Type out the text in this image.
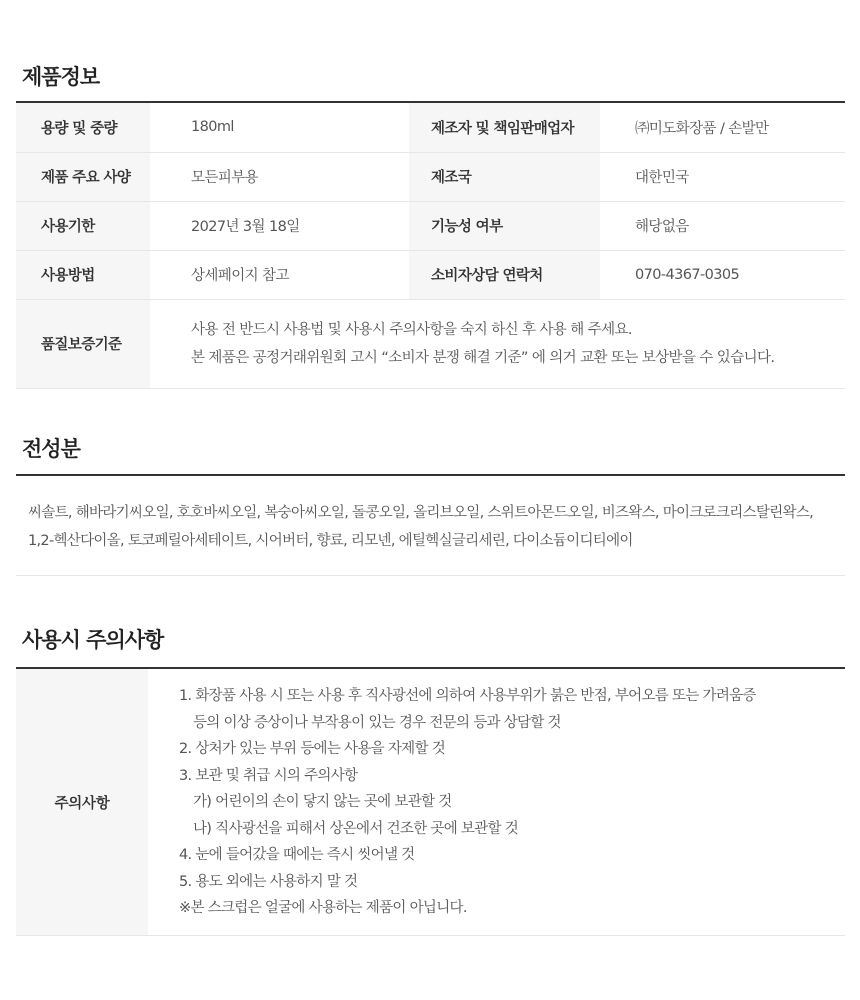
제품정보
용량 및 중량	180ml	제조자 및 책임판매업자	㈜미도화장품 / 손발만
제품 주요 사양	모든피부용	제조국	대한민국
사용기한	2027년 3월 18일	기능성 여부	해당없음
사용방법	상세페이지 참고	소비자상담 연락처	070-4367-0305
품질보증기준	사용 전 반드시 사용법 및 사용시 주의사항을 숙지 하신 후 사용 해 주세요.
본 제품은 공정거래위원회 고시 “소비자 분쟁 해결 기준” 에 의거 교환 또는 보상받을 수 있습니다.		
전성분
씨솔트, 해바라기씨오일, 호호바씨오일, 복숭아씨오일, 돌콩오일, 올리브오일, 스위트아몬드오일, 비즈왁스, 마이크로크리스탈린왁스, 1,2-헥산다이올, 토코페릴아세테이트, 시어버터, 향료, 리모넨, 에틸헥실글리세린, 다이소듐이디티에이
사용시 주의사항
주의사항
1. 화장품 사용 시 또는 사용 후 직사광선에 의하여 사용부위가 붉은 반점, 부어오름 또는 가려움증
등의 이상 증상이나 부작용이 있는 경우 전문의 등과 상담할 것
2. 상처가 있는 부위 등에는 사용을 자제할 것
3. 보관 및 취급 시의 주의사항
가) 어린이의 손이 닿지 않는 곳에 보관할 것
나) 직사광선을 피해서 상온에서 건조한 곳에 보관할 것
4. 눈에 들어갔을 때에는 즉시 씻어낼 것
5. 용도 외에는 사용하지 말 것
※본 스크럽은 얼굴에 사용하는 제품이 아닙니다.
